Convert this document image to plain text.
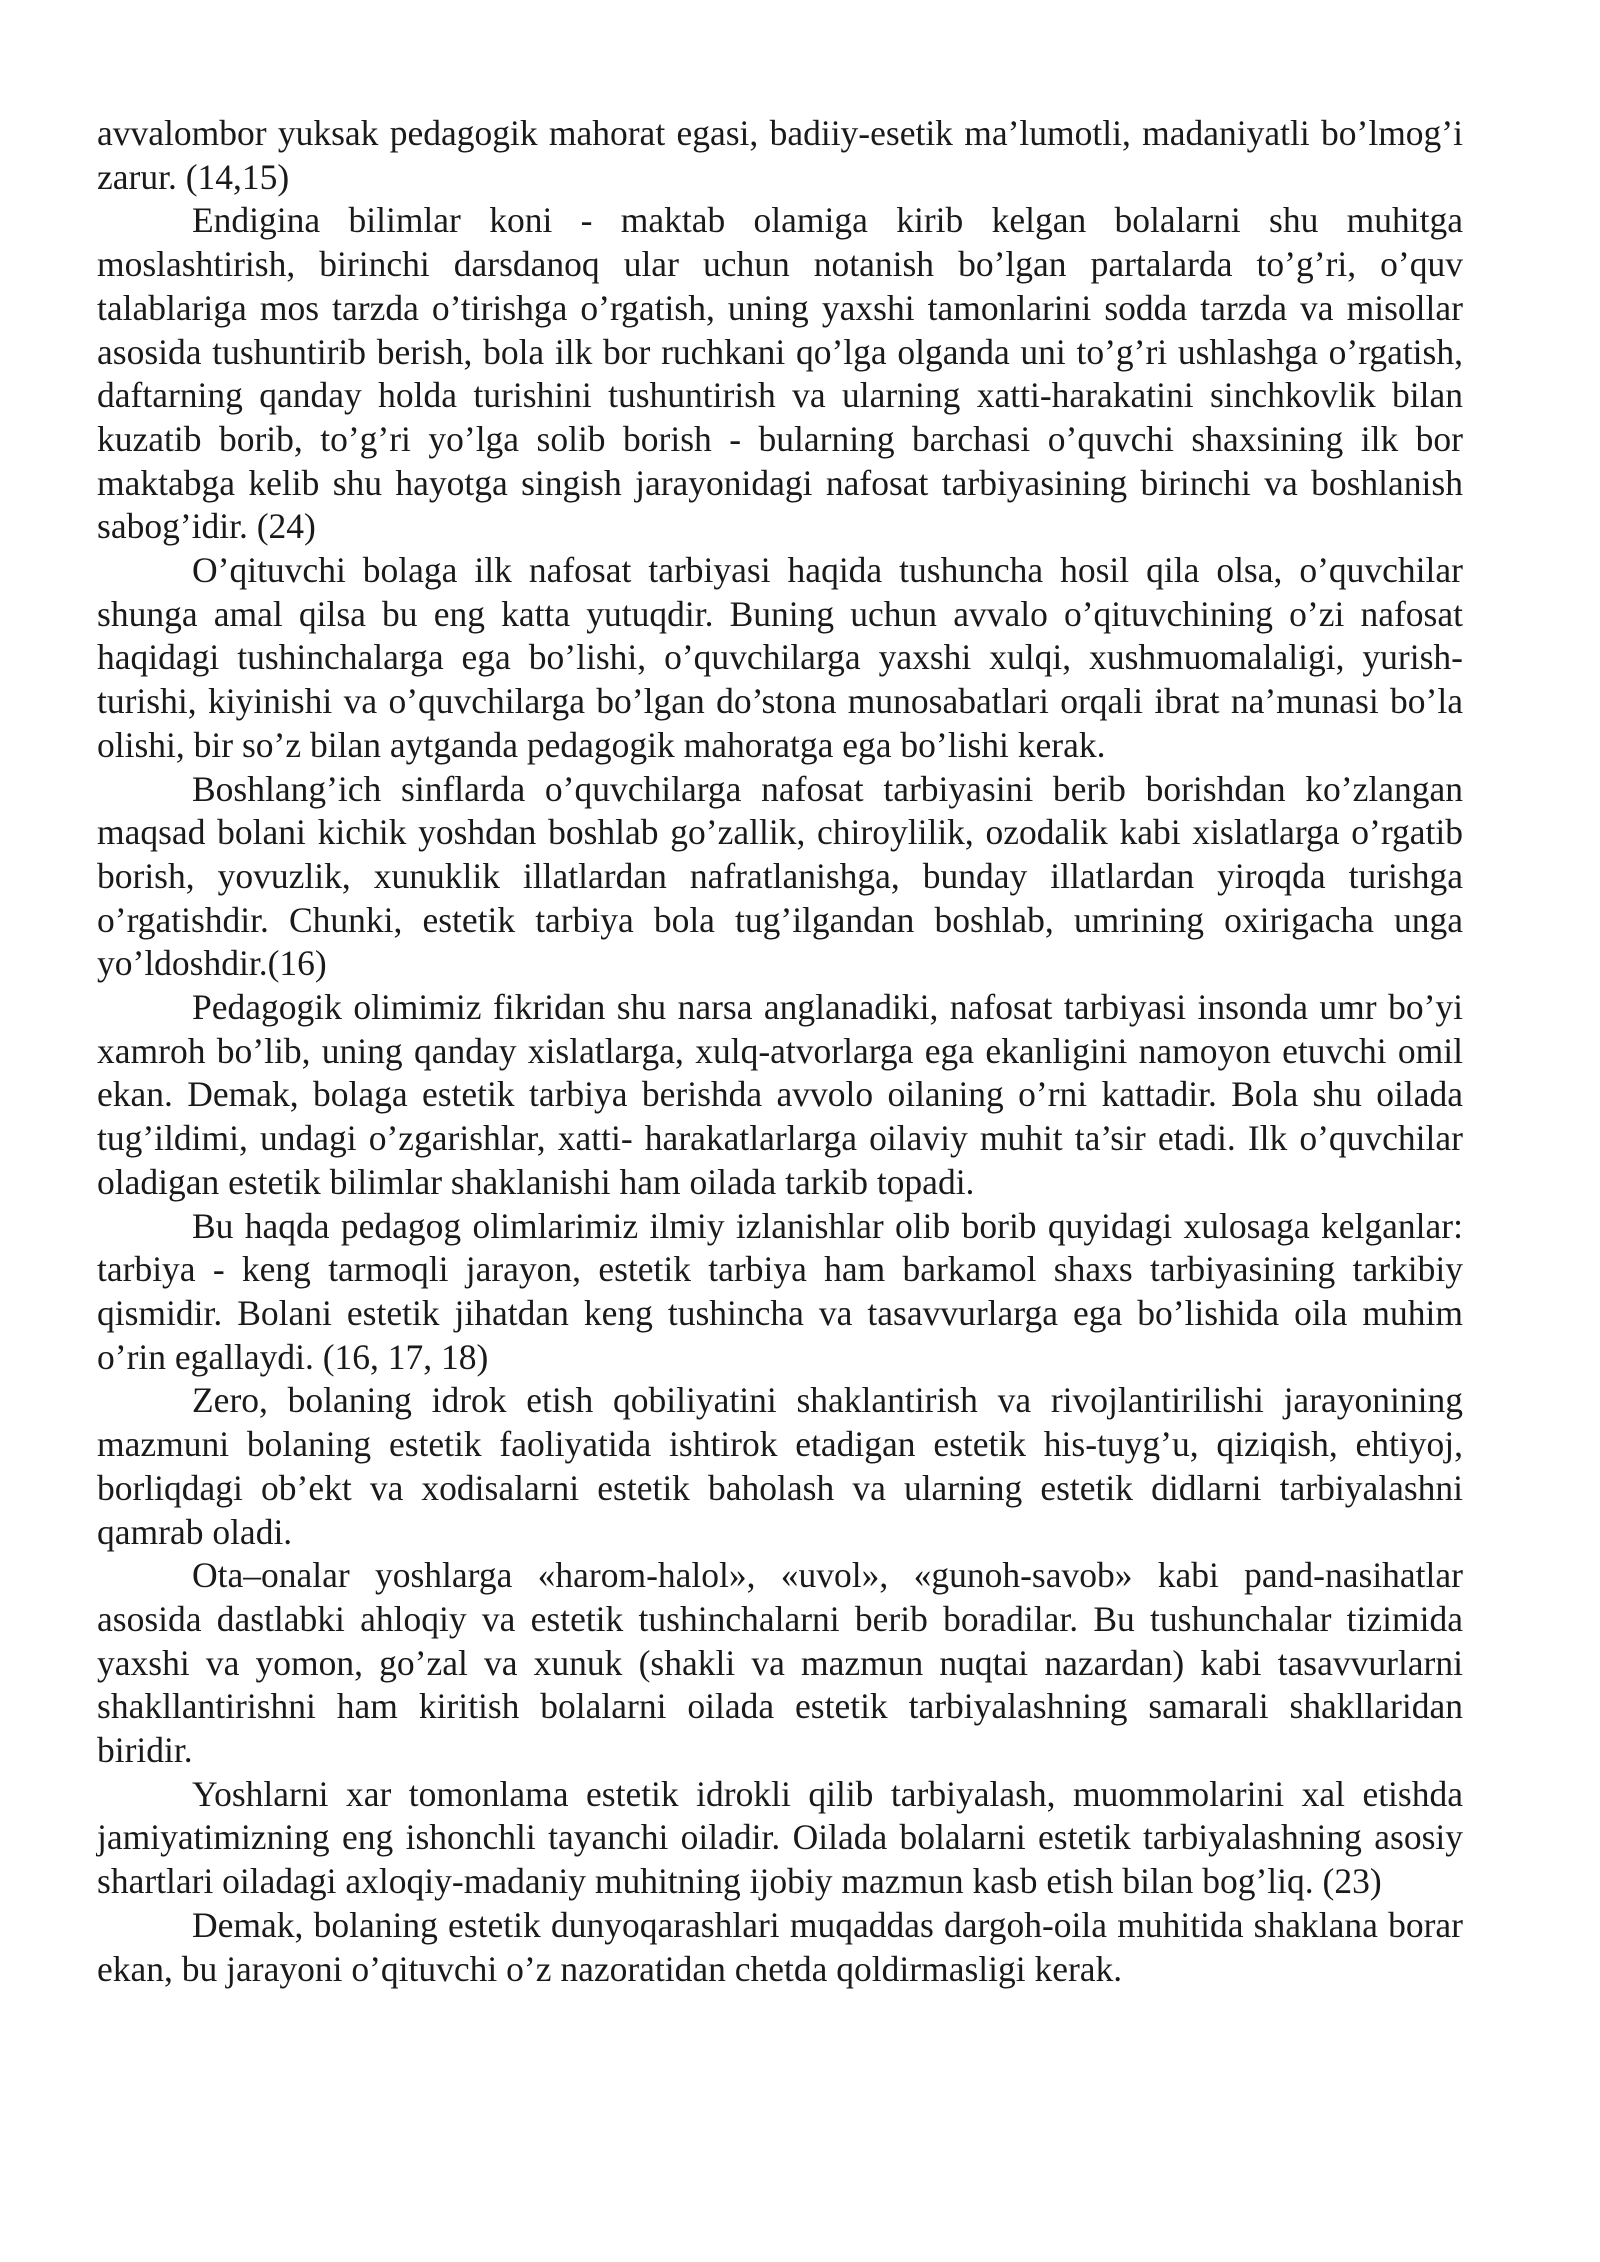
avvalombor yuksak pedagogik mahorat egasi, badiiy-esetik ma’lumotli, madaniyatli bo’lmog’i zarur. (14,15)

Endigina bilimlar koni - maktab olamiga kirib kelgan bolalarni shu muhitga moslashtirish, birinchi darsdanoq ular uchun notanish bo’lgan partalarda to’g’ri, o’quv talablariga mos tarzda o’tirishga o’rgatish, uning yaxshi tamonlarini sodda tarzda va misollar asosida tushuntirib berish, bola ilk bor ruchkani qo’lga olganda uni to’g’ri ushlashga o’rgatish, daftarning qanday holda turishini tushuntirish va ularning xatti-harakatini sinchkovlik bilan kuzatib borib, to’g’ri yo’lga solib borish - bularning barchasi o’quvchi shaxsining ilk bor maktabga kelib shu hayotga singish jarayonidagi nafosat tarbiyasining birinchi va boshlanish sabog’idir. (24)

O’qituvchi bolaga ilk nafosat tarbiyasi haqida tushuncha hosil qila olsa, o’quvchilar shunga amal qilsa bu eng katta yutuqdir. Buning uchun avvalo o’qituvchining o’zi nafosat haqidagi tushinchalarga ega bo’lishi, o’quvchilarga yaxshi xulqi, xushmuomalaligi, yurish-turishi, kiyinishi va o’quvchilarga bo’lgan do’stona munosabatlari orqali ibrat na’munasi bo’la olishi, bir so’z bilan aytganda pedagogik mahoratga ega bo’lishi kerak.

Boshlang’ich sinflarda o’quvchilarga nafosat tarbiyasini berib borishdan ko’zlangan maqsad bolani kichik yoshdan boshlab go’zallik, chiroylilik, ozodalik kabi xislatlarga o’rgatib borish, yovuzlik, xunuklik illatlardan nafratlanishga, bunday illatlardan yiroqda turishga o’rgatishdir. Chunki, estetik tarbiya bola tug’ilgandan boshlab, umrining oxirigacha unga yo’ldoshdir.(16)

Pedagogik olimimiz fikridan shu narsa anglanadiki, nafosat tarbiyasi insonda umr bo’yi xamroh bo’lib, uning qanday xislatlarga, xulq-atvorlarga ega ekanligini namoyon etuvchi omil ekan. Demak, bolaga estetik tarbiya berishda avvolo oilaning o’rni kattadir. Bola shu oilada tug’ildimi, undagi o’zgarishlar, xatti- harakatlarlarga oilaviy muhit ta’sir etadi. Ilk o’quvchilar oladigan estetik bilimlar shaklanishi ham oilada tarkib topadi.

Bu haqda pedagog olimlarimiz ilmiy izlanishlar olib borib quyidagi xulosaga kelganlar: tarbiya - keng tarmoqli jarayon, estetik tarbiya ham barkamol shaxs tarbiyasining tarkibiy qismidir. Bolani estetik jihatdan keng tushincha va tasavvurlarga ega bo’lishida oila muhim o’rin egallaydi. (16, 17, 18)

Zero, bolaning idrok etish qobiliyatini shaklantirish va rivojlantirilishi jarayonining mazmuni bolaning estetik faoliyatida ishtirok etadigan estetik his-tuyg’u, qiziqish, ehtiyoj, borliqdagi ob’ekt va xodisalarni estetik baholash va ularning estetik didlarni tarbiyalashni qamrab oladi.

Ota–onalar yoshlarga «harom-halol», «uvol», «gunoh-savob» kabi pand-nasihatlar asosida dastlabki ahloqiy va estetik tushinchalarni berib boradilar. Bu tushunchalar tizimida yaxshi va yomon, go’zal va xunuk (shakli va mazmun nuqtai nazardan) kabi tasavvurlarni shakllantirishni ham kiritish bolalarni oilada estetik tarbiyalashning samarali shakllaridan biridir.

Yoshlarni xar tomonlama estetik idrokli qilib tarbiyalash, muommolarini xal etishda jamiyatimizning eng ishonchli tayanchi oiladir. Oilada bolalarni estetik tarbiyalashning asosiy shartlari oiladagi axloqiy-madaniy muhitning ijobiy mazmun kasb etish bilan bog’liq. (23)

Demak, bolaning estetik dunyoqarashlari muqaddas dargoh-oila muhitida shaklana borar ekan, bu jarayoni o’qituvchi o’z nazoratidan chetda qoldirmasligi kerak.
